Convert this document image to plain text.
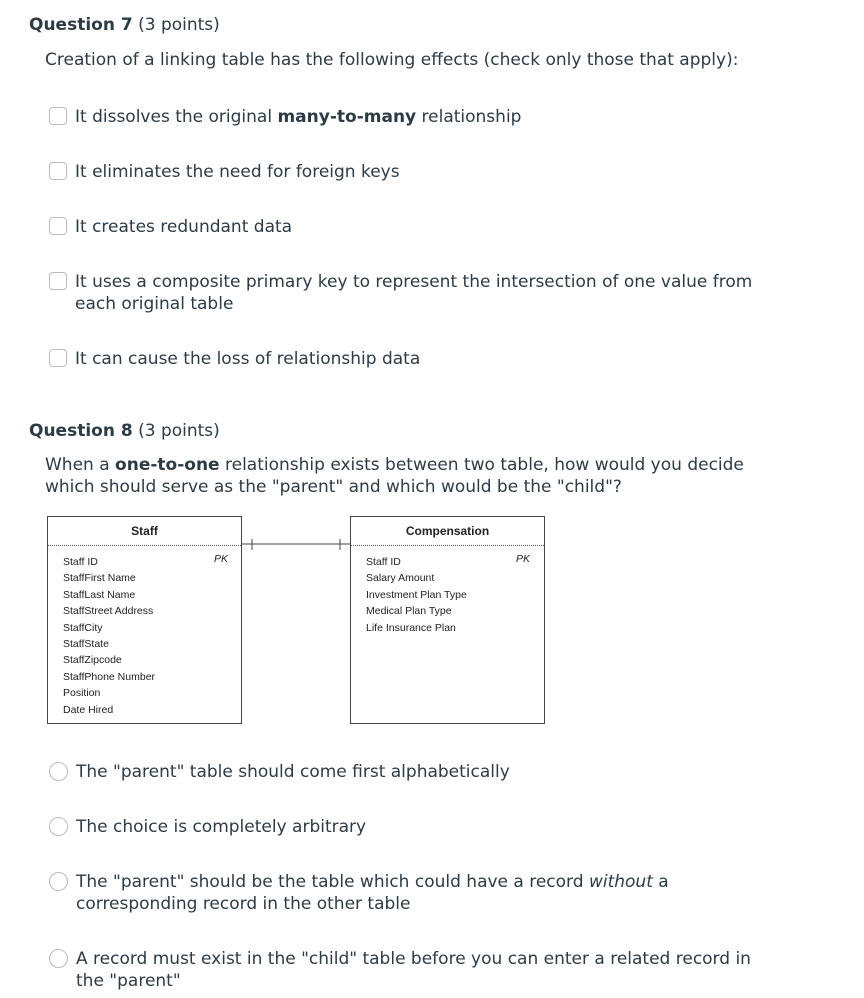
Question 7 (3 points)
Creation of a linking table has the following effects (check only those that apply):
It dissolves the original many-to-many relationship
It eliminates the need for foreign keys
It creates redundant data
It uses a composite primary key to represent the intersection of one value from each original table
It can cause the loss of relationship data
Question 8 (3 points)
When a one-to-one relationship exists between two table, how would you decide which should serve as the "parent" and which would be the "child"?
Staff
PK
Staff ID
StaffFirst Name
StaffLast Name
StaffStreet Address
StaffCity
StaffState
StaffZipcode
StaffPhone Number
Position
Date Hired
Compensation
PK
Staff ID
Salary Amount
Investment Plan Type
Medical Plan Type
Life Insurance Plan
The "parent" table should come first alphabetically
The choice is completely arbitrary
The "parent" should be the table which could have a record without a corresponding record in the other table
A record must exist in the "child" table before you can enter a related record in the "parent"
